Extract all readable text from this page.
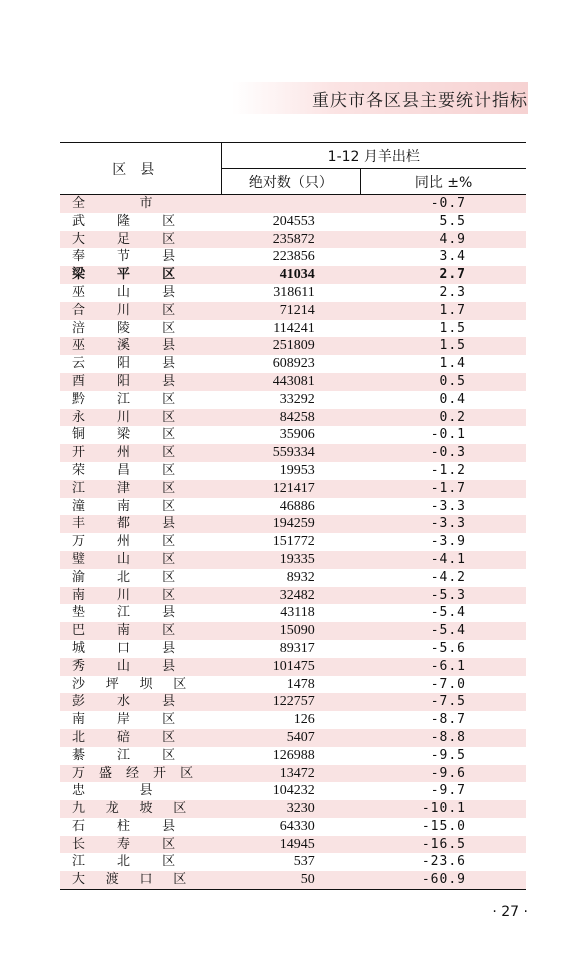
重庆市各区县主要统计指标
区县	1-12 月羊出栏	
	绝对数（只）	同比 ±%

全 市		-0.7

武 隆 区	204553	5.5

大 足 区	235872	4.9

奉 节 县	223856	3.4

梁 平 区	41034	2.7

巫 山 县	318611	2.3

合 川 区	71214	1.7

涪 陵 区	114241	1.5

巫 溪 县	251809	1.5

云 阳 县	608923	1.4

酉 阳 县	443081	0.5

黔 江 区	33292	0.4

永 川 区	84258	0.2

铜 梁 区	35906	-0.1

开 州 区	559334	-0.3

荣 昌 区	19953	-1.2

江 津 区	121417	-1.7

潼 南 区	46886	-3.3

丰 都 县	194259	-3.3

万 州 区	151772	-3.9

璧 山 区	19335	-4.1

渝 北 区	8932	-4.2

南 川 区	32482	-5.3

垫 江 县	43118	-5.4

巴 南 区	15090	-5.4

城 口 县	89317	-5.6

秀 山 县	101475	-6.1

沙 坪 坝 区	1478	-7.0

彭 水 县	122757	-7.5

南 岸 区	126	-8.7

北 碚 区	5407	-8.8

綦 江 区	126988	-9.5

万 盛 经 开 区	13472	-9.6

忠 县	104232	-9.7

九 龙 坡 区	3230	-10.1

石 柱 县	64330	-15.0

长 寿 区	14945	-16.5

江 北 区	537	-23.6

大 渡 口 区	50	-60.9
· 27 ·
